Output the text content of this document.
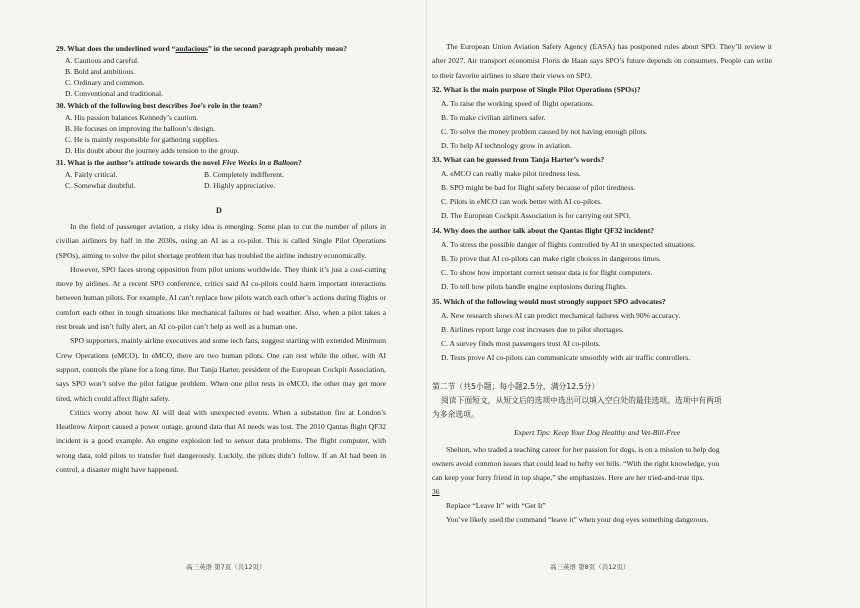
29. What does the underlined word “audacious” in the second paragraph probably mean?
A. Cautious and careful.
B. Bold and ambitious.
C. Ordinary and common.
D. Conventional and traditional.
30. Which of the following best describes Joe’s role in the team?
A. His passion balances Kennedy’s caution.
B. He focuses on improving the balloon’s design.
C. He is mainly responsible for gathering supplies.
D. His doubt about the journey adds tension to the group.
31. What is the author’s attitude towards the novel Five Weeks in a Balloon?
A. Fairly critical.	B. Completely indifferent.
C. Somewhat doubtful.	D. Highly appreciative.
D

In the field of passenger aviation, a risky idea is emerging. Some plan to cut the number of pilots in civilian airliners by half in the 2030s, using an AI as a co-pilot. This is called Single Pilot Operations (SPOs), aiming to solve the pilot shortage problem that has troubled the airline industry economically.

However, SPO faces strong opposition from pilot unions worldwide. They think it’s just a cost-cutting move by airlines. At a recent SPO conference, critics said AI co-pilots could harm important interactions between human pilots. For example, AI can’t replace how pilots watch each other’s actions during flights or comfort each other in tough situations like mechanical failures or bad weather. Also, when a pilot takes a rest break and isn’t fully alert, an AI co-pilot can’t help as well as a human one.

SPO supporters, mainly airline executives and some tech fans, suggest starting with extended Minimum Crew Operations (eMCO). In eMCO, there are two human pilots. One can rest while the other, with AI support, controls the plane for a long time. But Tanja Harter, president of the European Cockpit Association, says SPO won’t solve the pilot fatigue problem. When one pilot rests in eMCO, the other may get more tired, which could affect flight safety.

Critics worry about how AI will deal with unexpected events. When a substation fire at London’s Heathrow Airport caused a power outage, ground data that AI needs was lost. The 2010 Qantas flight QF32 incident is a good example. An engine explosion led to sensor data problems. The flight computer, with wrong data, told pilots to transfer fuel dangerously. Luckily, the pilots didn’t follow. If an AI had been in control, a disaster might have happened.

高三英语 第7页（共12页）

The European Union Aviation Safety Agency (EASA) has postponed rules about SPO. They’ll review it after 2027. Air transport economist Floris de Haan says SPO’s future depends on consumers. People can write to their favorite airlines to share their views on SPO.

32. What is the main purpose of Single Pilot Operations (SPOs)?
A. To raise the working speed of flight operations.
B. To make civilian airliners safer.
C. To solve the money problem caused by not having enough pilots.
D. To help AI technology grow in aviation.
33. What can be guessed from Tanja Harter’s words?
A. eMCO can really make pilot tiredness less.
B. SPO might be bad for flight safety because of pilot tiredness.
C. Pilots in eMCO can work better with AI co-pilots.
D. The European Cockpit Association is for carrying out SPO.
34. Why does the author talk about the Qantas flight QF32 incident?
A. To stress the possible danger of flights controlled by AI in unexpected situations.
B. To prove that AI co-pilots can make right choices in dangerous times.
C. To show how important correct sensor data is for flight computers.
D. To tell how pilots handle engine explosions during flights.
35. Which of the following would most strongly support SPO advocates?
A. New research shows AI can predict mechanical failures with 90% accuracy.
B. Airlines report large cost increases due to pilot shortages.
C. A survey finds most passengers trust AI co-pilots.
D. Tests prove AI co-pilots can communicate smoothly with air traffic controllers.
第二节（共5小题；每小题2.5分，满分12.5分）
阅读下面短文，从短文后的选项中选出可以填入空白处的最佳选项。选项中有两项
为多余选项。
Expert Tips: Keep Your Dog Healthy and Vet-Bill-Free
Shelton, who traded a teaching career for her passion for dogs, is on a mission to help dog
owners avoid common issues that could lead to hefty vet bills. “With the right knowledge, you
can keep your furry friend in top shape,” she emphasizes. Here are her tried-and-true tips.
36
Replace “Leave It” with “Get It”
You’ve likely used the command “leave it” when your dog eyes something dangerous,
高三英语 第8页（共12页）
